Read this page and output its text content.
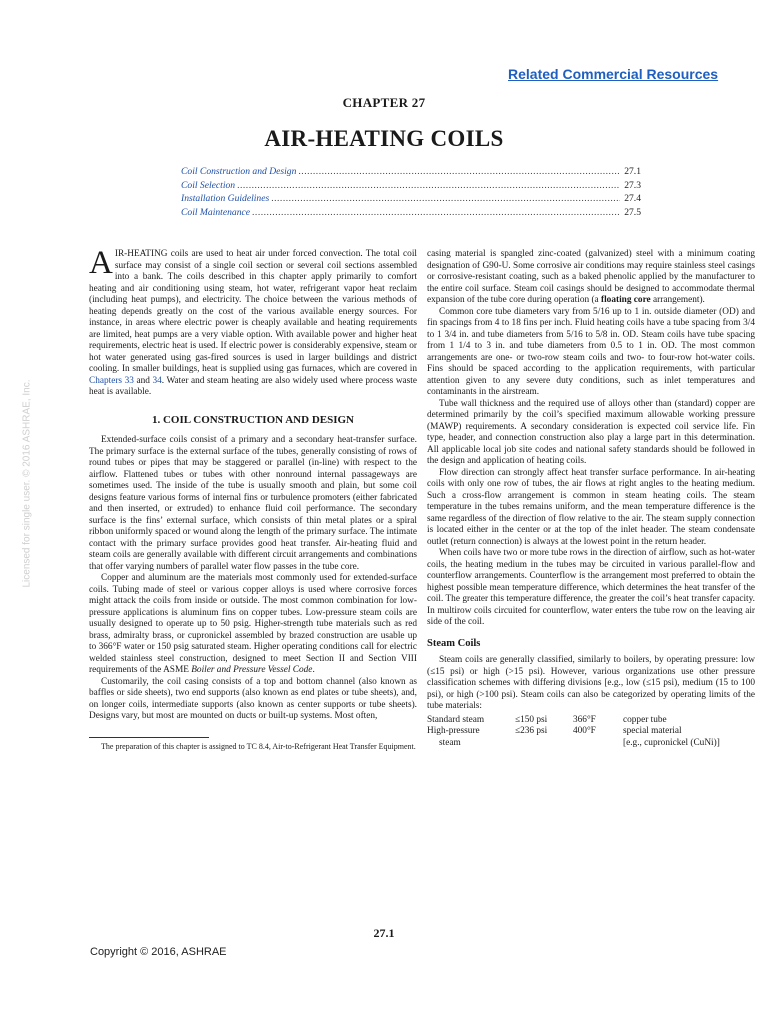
Related Commercial Resources
CHAPTER 27
AIR-HEATING COILS
Coil Construction and Design .....	27.1
Coil Selection .....	27.3
Installation Guidelines .....	27.4
Coil Maintenance .....	27.5

AIR-HEATING coils are used to heat air under forced convection. The total coil surface may consist of a single coil section or several coil sections assembled into a bank. The coils described in this chapter apply primarily to comfort heating and air conditioning using steam, hot water, refrigerant vapor heat reclaim (including heat pumps), and electricity. The choice between the various methods of heating depends greatly on the cost of the various available energy sources. For instance, in areas where electric power is cheaply available and heating requirements are limited, heat pumps are a very viable option. With available power and higher heat requirements, electric heat is used. If electric power is considerably expensive, steam or hot water generated using gas-fired sources is used in larger buildings and district cooling. In smaller buildings, heat is supplied using gas furnaces, which are covered in Chapters 33 and 34. Water and steam heating are also widely used where process waste heat is available.

1. COIL CONSTRUCTION AND DESIGN

Extended-surface coils consist of a primary and a secondary heat-transfer surface. The primary surface is the external surface of the tubes, generally consisting of rows of round tubes or pipes that may be staggered or parallel (in-line) with respect to the airflow. Flattened tubes or tubes with other nonround internal passageways are sometimes used. The inside of the tube is usually smooth and plain, but some coil designs feature various forms of internal fins or turbulence promoters (either fabricated and then inserted, or extruded) to enhance fluid coil performance. The secondary surface is the fins’ external surface, which consists of thin metal plates or a spiral ribbon uniformly spaced or wound along the length of the primary surface. The intimate contact with the primary surface provides good heat transfer. Air-heating fluid and steam coils are generally available with different circuit arrangements and combinations that offer varying numbers of parallel water flow passes in the tube core.

Copper and aluminum are the materials most commonly used for extended-surface coils. Tubing made of steel or various copper alloys is used where corrosive forces might attack the coils from inside or outside. The most common combination for low-pressure applications is aluminum fins on copper tubes. Low-pressure steam coils are usually designed to operate up to 50 psig. Higher-strength tube materials such as red brass, admiralty brass, or cupronickel assembled by brazed construction are usable up to 366°F water or 150 psig saturated steam. Higher operating conditions call for electric welded stainless steel construction, designed to meet Section II and Section VIII requirements of the ASME Boiler and Pressure Vessel Code.

Customarily, the coil casing consists of a top and bottom channel (also known as baffles or side sheets), two end supports (also known as end plates or tube sheets), and, on longer coils, intermediate supports (also known as center supports or tube sheets). Designs vary, but most are mounted on ducts or built-up systems. Most often,

The preparation of this chapter is assigned to TC 8.4, Air-to-Refrigerant Heat Transfer Equipment.

casing material is spangled zinc-coated (galvanized) steel with a minimum coating designation of G90-U. Some corrosive air conditions may require stainless steel casings or corrosive-resistant coating, such as a baked phenolic applied by the manufacturer to the entire coil surface. Steam coil casings should be designed to accommodate thermal expansion of the tube core during operation (a floating core arrangement).

Common core tube diameters vary from 5/16 up to 1 in. outside diameter (OD) and fin spacings from 4 to 18 fins per inch. Fluid heating coils have a tube spacing from 3/4 to 1 3/4 in. and tube diameters from 5/16 to 5/8 in. OD. Steam coils have tube spacing from 1 1/4 to 3 in. and tube diameters from 0.5 to 1 in. OD. The most common arrangements are one- or two-row steam coils and two- to four-row hot-water coils. Fins should be spaced according to the application requirements, with particular attention given to any severe duty conditions, such as inlet temperatures and contaminants in the airstream.

Tube wall thickness and the required use of alloys other than (standard) copper are determined primarily by the coil’s specified maximum allowable working pressure (MAWP) requirements. A secondary consideration is expected coil service life. Fin type, header, and connection construction also play a large part in this determination. All applicable local job site codes and national safety standards should be followed in the design and application of heating coils.

Flow direction can strongly affect heat transfer surface performance. In air-heating coils with only one row of tubes, the air flows at right angles to the heating medium. Such a cross-flow arrangement is common in steam heating coils. The steam temperature in the tubes remains uniform, and the mean temperature difference is the same regardless of the direction of flow relative to the air. The steam supply connection is located either in the center or at the top of the inlet header. The steam condensate outlet (return connection) is always at the lowest point in the return header.

When coils have two or more tube rows in the direction of airflow, such as hot-water coils, the heating medium in the tubes may be circuited in various parallel-flow and counterflow arrangements. Counterflow is the arrangement most preferred to obtain the highest possible mean temperature difference, which determines the heat transfer of the coil. The greater this temperature difference, the greater the coil’s heat transfer capacity. In multirow coils circuited for counterflow, water enters the tube row on the leaving air side of the coil.

Steam Coils

Steam coils are generally classified, similarly to boilers, by operating pressure: low (≤15 psi) or high (>15 psi). However, various organizations use other pressure classification schemes with differing divisions [e.g., low (≤15 psi), medium (15 to 100 psi), or high (>100 psi). Steam coils can also be categorized by operating limits of the tube materials:

Standard steam	≤150 psi	366°F	copper tube
High-pressure	≤236 psi	400°F	special material
steam			[e.g., cupronickel (CuNi)]
Licensed for single user. © 2016 ASHRAE, Inc.
27.1
Copyright © 2016, ASHRAE
